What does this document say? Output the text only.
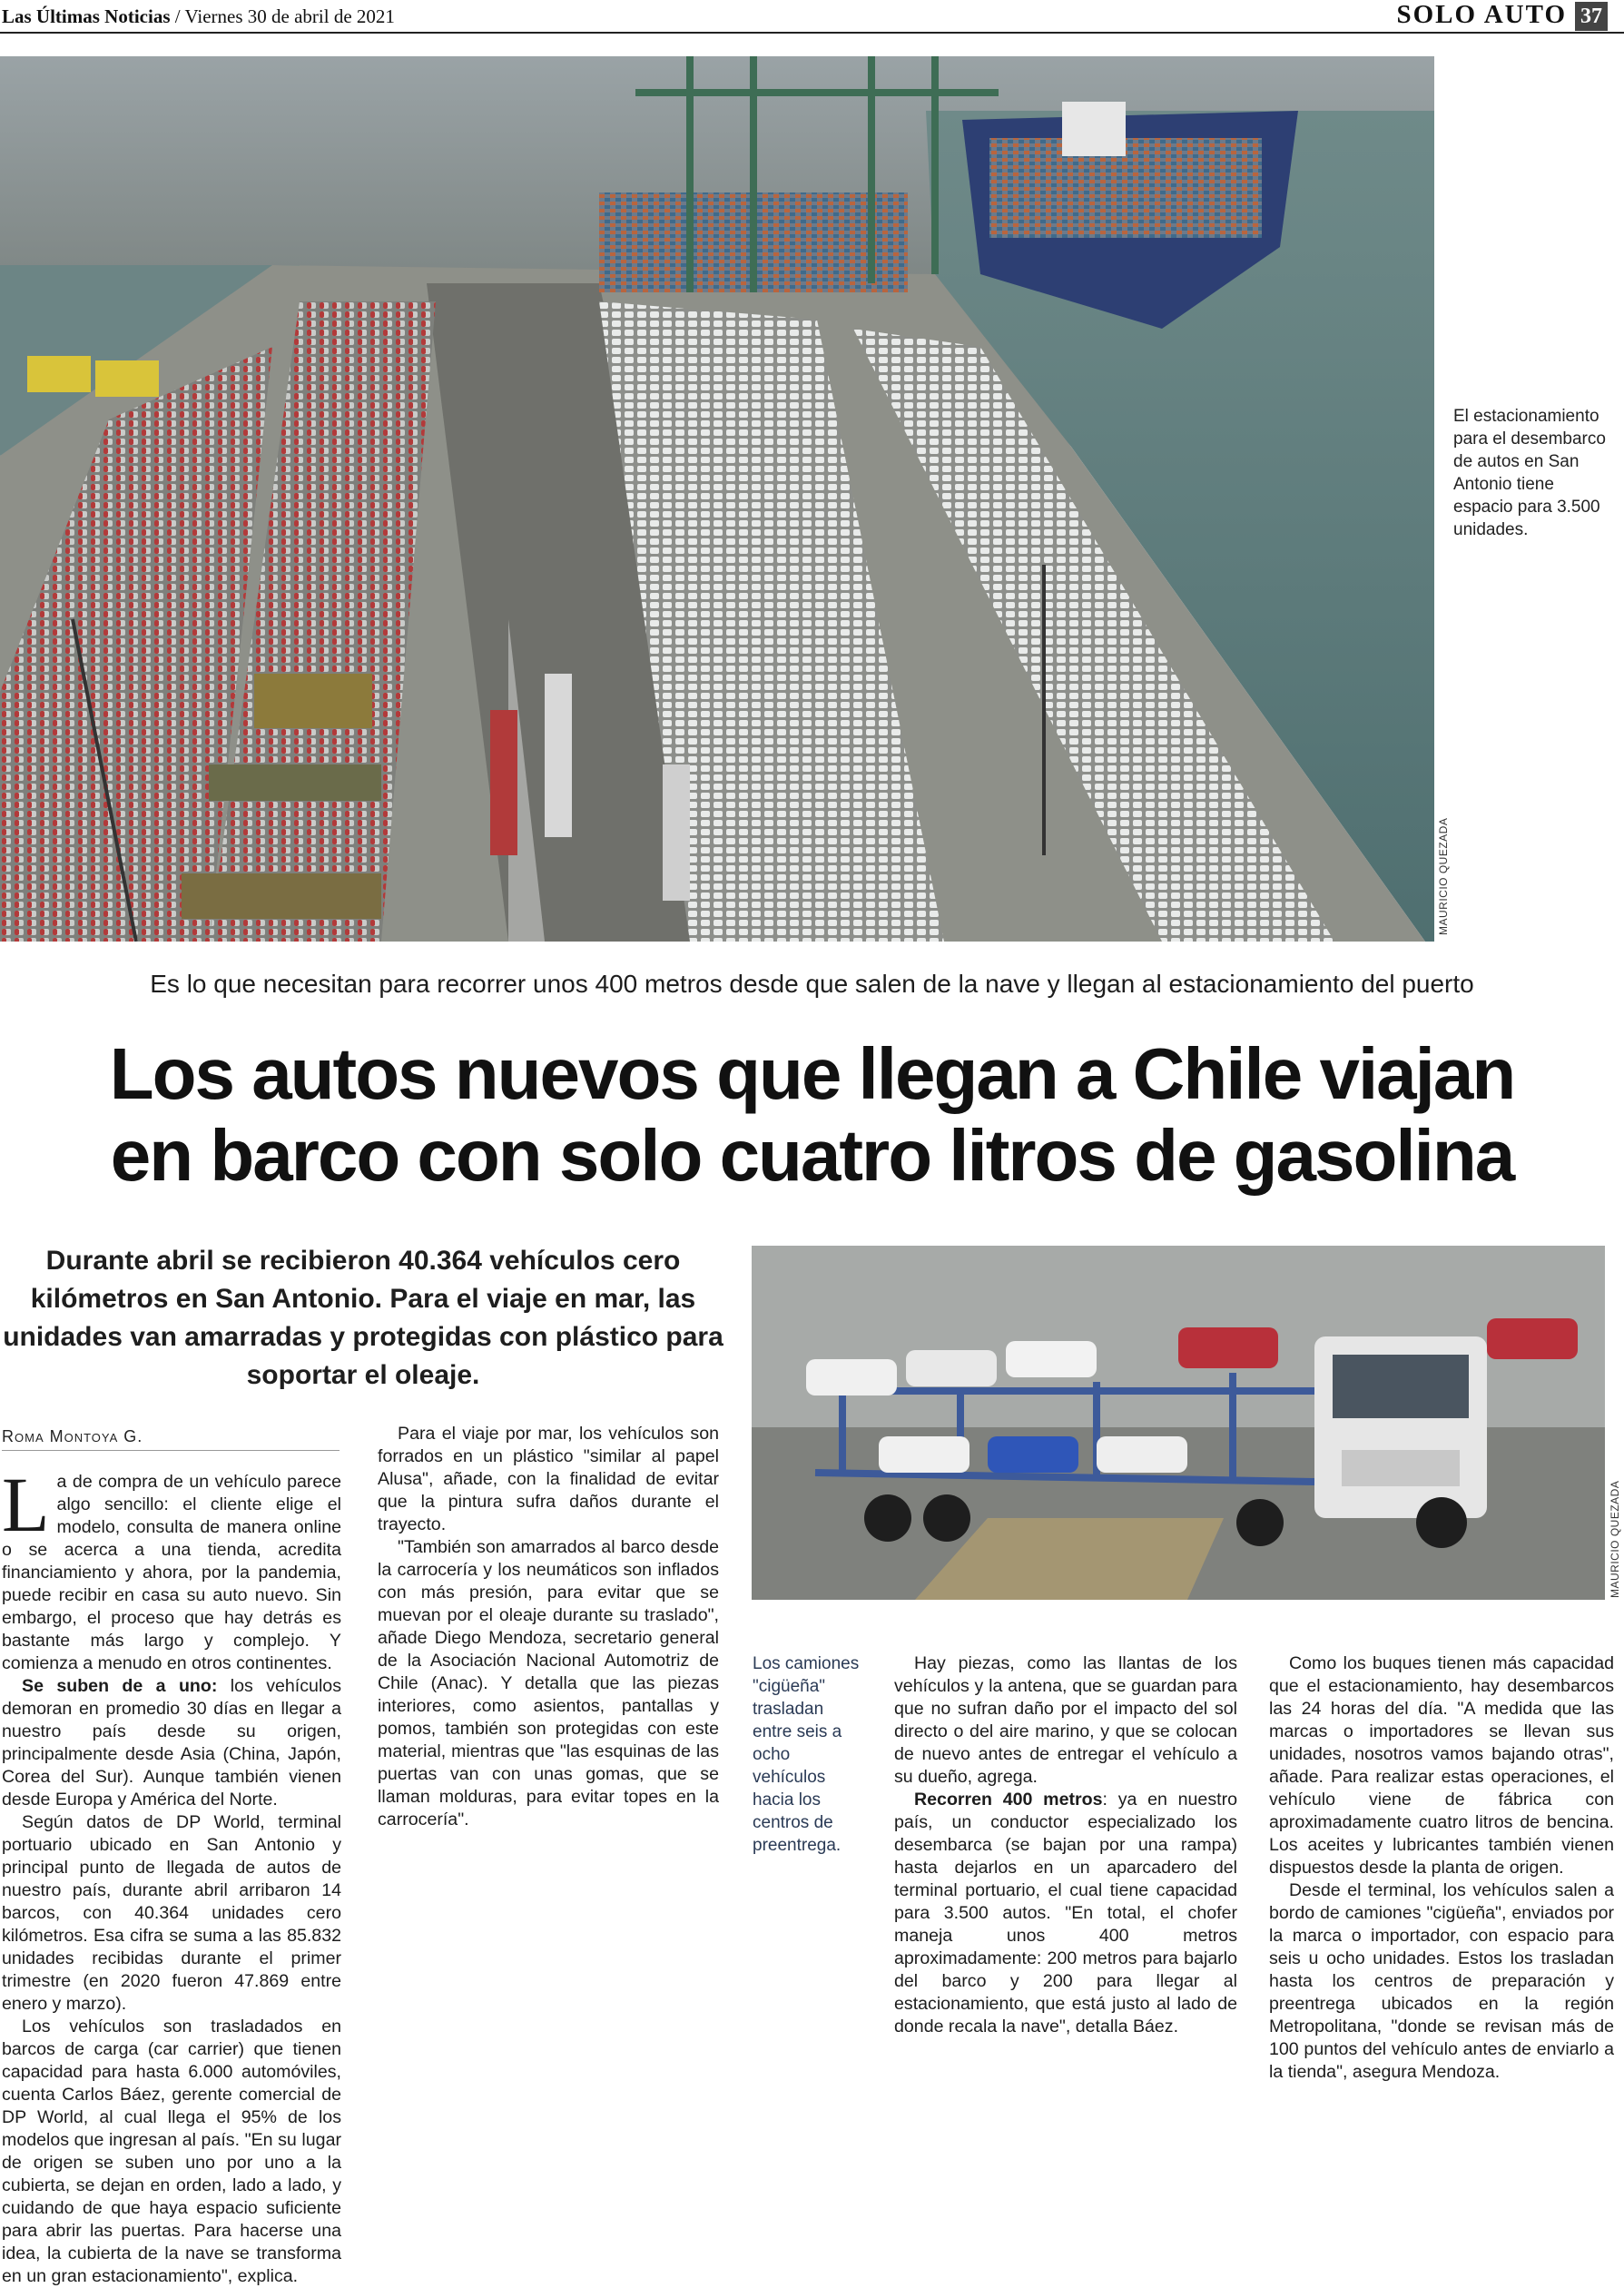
Las Últimas Noticias / Viernes 30 de abril de 2021	SOLO AUTO 37
MAURICIO QUEZADA
El estacionamiento para el desembarco de autos en San Antonio tiene espacio para 3.500 unidades.
Es lo que necesitan para recorrer unos 400 metros desde que salen de la nave y llegan al estacionamiento del puerto
Los autos nuevos que llegan a Chile viajan
en barco con solo cuatro litros de gasolina
Durante abril se recibieron 40.364 vehículos cero kilómetros en San Antonio. Para el viaje en mar, las unidades van amarradas y protegidas con plástico para soportar el oleaje.
MAURICIO QUEZADA
Los camiones "cigüeña" trasladan entre seis a ocho vehículos hacia los centros de preentrega.
Roma Montoya G.

La de compra de un vehículo parece algo sencillo: el cliente elige el modelo, consulta de manera online o se acerca a una tienda, acredita financiamiento y ahora, por la pandemia, puede recibir en casa su auto nuevo. Sin embargo, el proceso que hay detrás es bastante más largo y complejo. Y comienza a menudo en otros continentes.

Se suben de a uno: los vehículos demoran en promedio 30 días en llegar a nuestro país desde su origen, principalmente desde Asia (China, Japón, Corea del Sur). Aunque también vienen desde Europa y América del Norte.

Según datos de DP World, terminal portuario ubicado en San Antonio y principal punto de llegada de autos de nuestro país, durante abril arribaron 14 barcos, con 40.364 unidades cero kilómetros. Esa cifra se suma a las 85.832 unidades recibidas durante el primer trimestre (en 2020 fueron 47.869 entre enero y marzo).

Los vehículos son trasladados en barcos de carga (car carrier) que tienen capacidad para hasta 6.000 automóviles, cuenta Carlos Báez, gerente comercial de DP World, al cual llega el 95% de los modelos que ingresan al país. "En su lugar de origen se suben uno por uno a la cubierta, se dejan en orden, lado a lado, y cuidando de que haya espacio suficiente para abrir las puertas. Para hacerse una idea, la cubierta de la nave se transforma en un gran estacionamiento", explica.

Para el viaje por mar, los vehículos son forrados en un plástico "similar al papel Alusa", añade, con la finalidad de evitar que la pintura sufra daños durante el trayecto.

"También son amarrados al barco desde la carrocería y los neumáticos son inflados con más presión, para evitar que se muevan por el oleaje durante su traslado", añade Diego Mendoza, secretario general de la Asociación Nacional Automotriz de Chile (Anac). Y detalla que las piezas interiores, como asientos, pantallas y pomos, también son protegidas con este material, mientras que "las esquinas de las puertas van con unas gomas, que se llaman molduras, para evitar topes en la carrocería".

Hay piezas, como las llantas de los vehículos y la antena, que se guardan para que no sufran daño por el impacto del sol directo o del aire marino, y que se colocan de nuevo antes de entregar el vehículo a su dueño, agrega.

Recorren 400 metros: ya en nuestro país, un conductor especializado los desembarca (se bajan por una rampa) hasta dejarlos en un aparcadero del terminal portuario, el cual tiene capacidad para 3.500 autos. "En total, el chofer maneja unos 400 metros aproximadamente: 200 metros para bajarlo del barco y 200 para llegar al estacionamiento, que está justo al lado de donde recala la nave", detalla Báez.

Como los buques tienen más capacidad que el estacionamiento, hay desembarcos las 24 horas del día. "A medida que las marcas o importadores se llevan sus unidades, nosotros vamos bajando otras", añade. Para realizar estas operaciones, el vehículo viene de fábrica con aproximadamente cuatro litros de bencina. Los aceites y lubricantes también vienen dispuestos desde la planta de origen.

Desde el terminal, los vehículos salen a bordo de camiones "cigüeña", enviados por la marca o importador, con espacio para seis u ocho unidades. Estos los trasladan hasta los centros de preparación y preentrega ubicados en la región Metropolitana, "donde se revisan más de 100 puntos del vehículo antes de enviarlo a la tienda", asegura Mendoza.
